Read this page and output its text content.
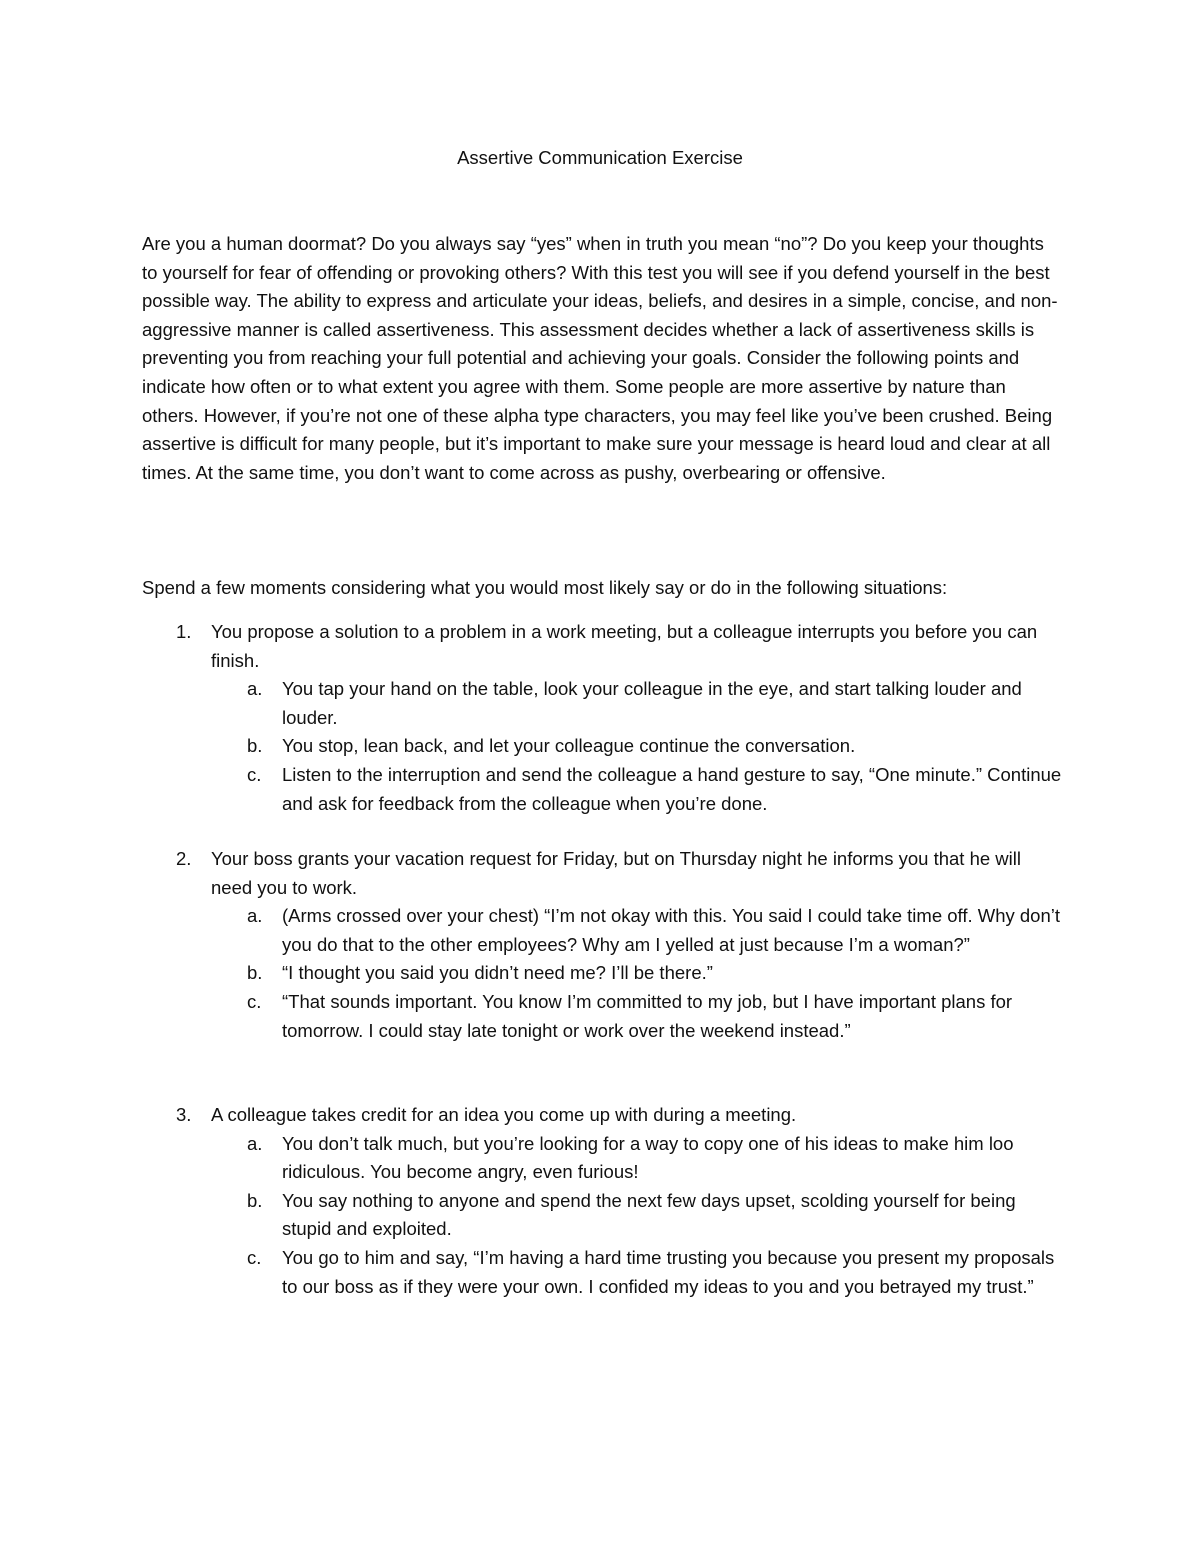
Assertive Communication Exercise

Are you a human doormat? Do you always say “yes” when in truth you mean “no”? Do you keep your thoughts to yourself for fear of offending or provoking others? With this test you will see if you defend yourself in the best possible way. The ability to express and articulate your ideas, beliefs, and desires in a simple, concise, and non-aggressive manner is called assertiveness. This assessment decides whether a lack of assertiveness skills is preventing you from reaching your full potential and achieving your goals. Consider the following points and indicate how often or to what extent you agree with them. Some people are more assertive by nature than others. However, if you’re not one of these alpha type characters, you may feel like you’ve been crushed. Being assertive is difficult for many people, but it’s important to make sure your message is heard loud and clear at all times. At the same time, you don’t want to come across as pushy, overbearing or offensive.

Spend a few moments considering what you would most likely say or do in the following situations:

1. You propose a solution to a problem in a work meeting, but a colleague interrupts you before you can finish.
a. You tap your hand on the table, look your colleague in the eye, and start talking louder and louder.
b. You stop, lean back, and let your colleague continue the conversation.
c. Listen to the interruption and send the colleague a hand gesture to say, “One minute.” Continue and ask for feedback from the colleague when you’re done.
2. Your boss grants your vacation request for Friday, but on Thursday night he informs you that he will need you to work.
a. (Arms crossed over your chest) “I’m not okay with this. You said I could take time off. Why don’t you do that to the other employees? Why am I yelled at just because I’m a woman?”
b. “I thought you said you didn’t need me? I’ll be there.”
c. “That sounds important. You know I’m committed to my job, but I have important plans for tomorrow. I could stay late tonight or work over the weekend instead.”
3. A colleague takes credit for an idea you come up with during a meeting.
a. You don’t talk much, but you’re looking for a way to copy one of his ideas to make him loo ridiculous. You become angry, even furious!
b. You say nothing to anyone and spend the next few days upset, scolding yourself for being stupid and exploited.
c. You go to him and say, “I’m having a hard time trusting you because you present my proposals to our boss as if they were your own. I confided my ideas to you and you betrayed my trust.”
